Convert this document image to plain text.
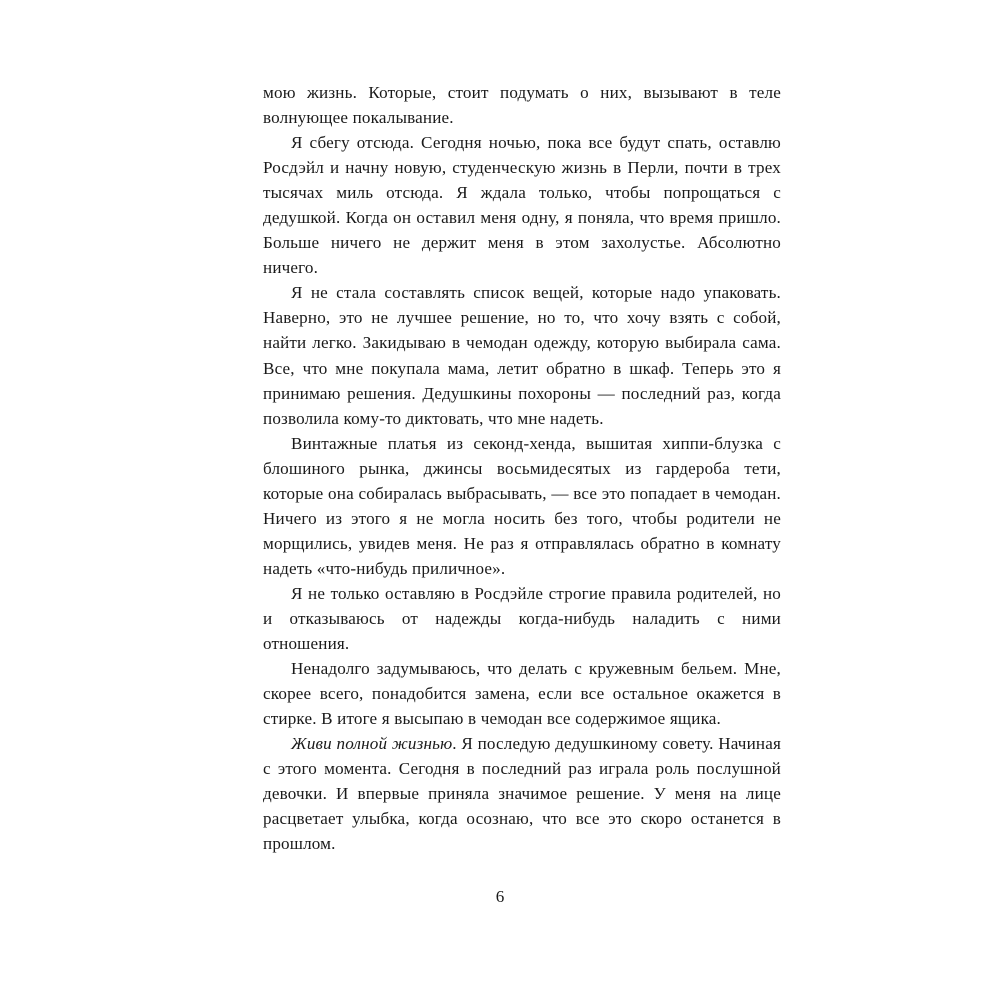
мою жизнь. Которые, стоит подумать о них, вызывают в теле волнующее покалывание.

Я сбегу отсюда. Сегодня ночью, пока все будут спать, оставлю Росдэйл и начну новую, студенческую жизнь в Перли, почти в трех тысячах миль отсюда. Я ждала только, чтобы попрощаться с дедушкой. Когда он оставил меня одну, я поняла, что время пришло. Больше ничего не держит меня в этом захолустье. Абсолютно ничего.

Я не стала составлять список вещей, которые надо упаковать. Наверно, это не лучшее решение, но то, что хочу взять с собой, найти легко. Закидываю в чемодан одежду, которую выбирала сама. Все, что мне покупала мама, летит обратно в шкаф. Теперь это я принимаю решения. Дедушкины похороны — последний раз, когда позволила кому-то диктовать, что мне надеть.

Винтажные платья из секонд-хенда, вышитая хиппи-блузка с блошиного рынка, джинсы восьмидесятых из гардероба тети, которые она собиралась выбрасывать, — все это попадает в чемодан. Ничего из этого я не могла носить без того, чтобы родители не морщились, увидев меня. Не раз я отправлялась обратно в комнату надеть «что-нибудь приличное».

Я не только оставляю в Росдэйле строгие правила родителей, но и отказываюсь от надежды когда-нибудь наладить с ними отношения.

Ненадолго задумываюсь, что делать с кружевным бельем. Мне, скорее всего, понадобится замена, если все остальное окажется в стирке. В итоге я высыпаю в чемодан все содержимое ящика.

Живи полной жизнью. Я последую дедушкиному совету. Начиная с этого момента. Сегодня в последний раз играла роль послушной девочки. И впервые приняла значимое решение. У меня на лице расцветает улыбка, когда осознаю, что все это скоро останется в прошлом.

6
